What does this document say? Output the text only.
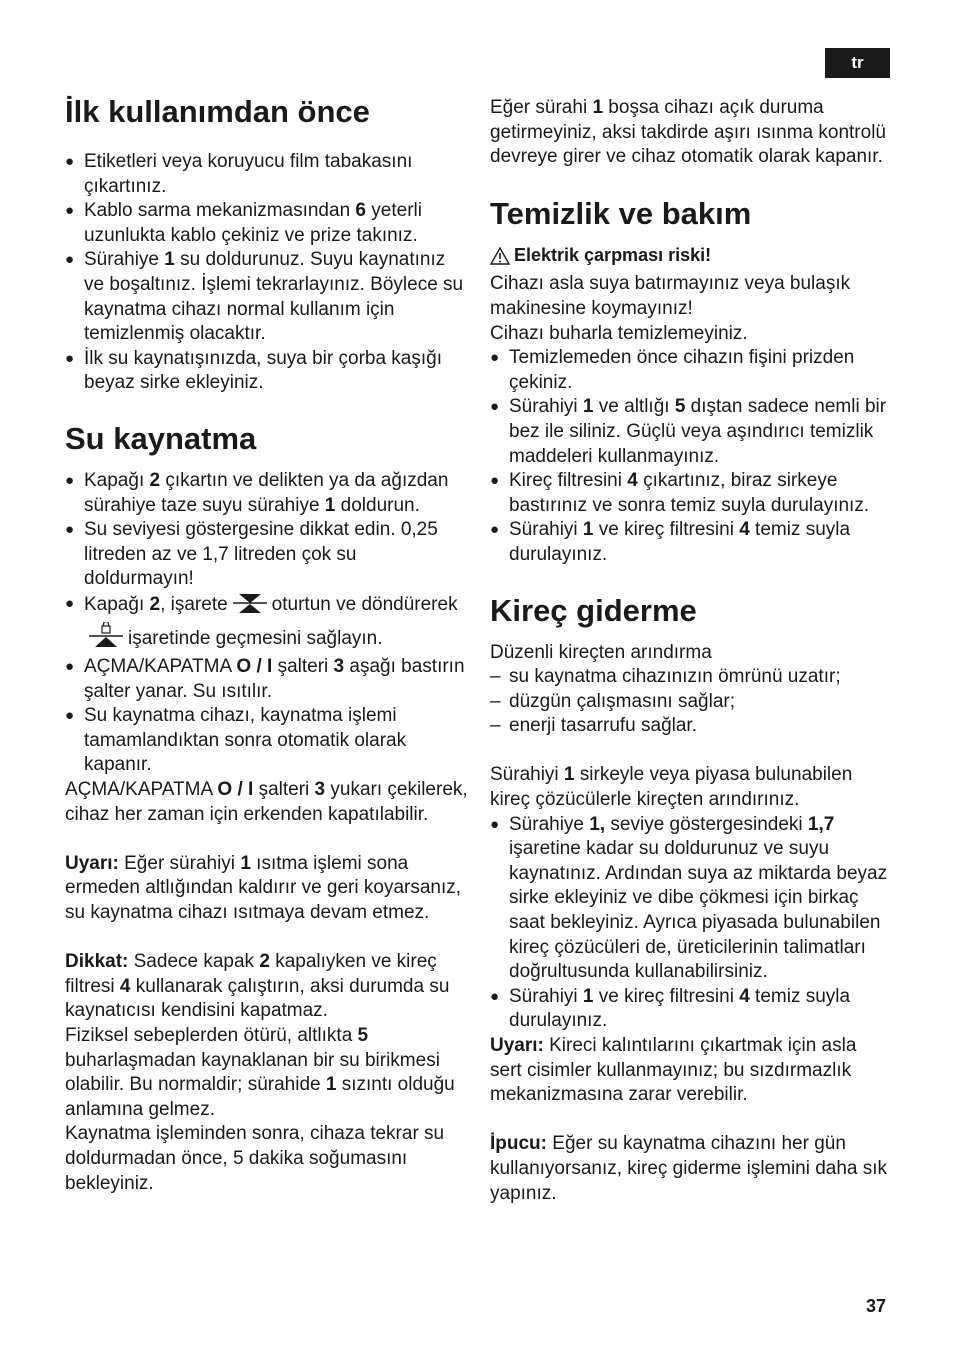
tr
İlk kullanımdan önce
● Etiketleri veya koruyucu film tabakasını çıkartınız.
● Kablo sarma mekanizmasından 6 yeterli uzunlukta kablo çekiniz ve prize takınız.
● Sürahiye 1 su doldurunuz. Suyu kaynatınız ve boşaltınız. İşlemi tekrarlayınız. Böylece su kaynatma cihazı normal kullanım için temizlenmiş olacaktır.
● İlk su kaynatışınızda, suya bir çorba kaşığı beyaz sirke ekleyiniz.
Su kaynatma
● Kapağı 2 çıkartın ve delikten ya da ağızdan sürahiye taze suyu sürahiye 1 doldurun.
● Su seviyesi göstergesine dikkat edin. 0,25 litreden az ve 1,7 litreden çok su doldurmayın!
● Kapağı 2, işarete oturtun ve döndürerekişaretinde geçmesini sağlayın.
● AÇMA/KAPATMA O / I şalteri 3 aşağı bastırın şalter yanar. Su ısıtılır.
● Su kaynatma cihazı, kaynatma işlemi tamamlandıktan sonra otomatik olarak kapanır.

AÇMA/KAPATMA O / I şalteri 3 yukarı çekilerek, cihaz her zaman için erkenden kapatılabilir.

Uyarı: Eğer sürahiyi 1 ısıtma işlemi sona ermeden altlığından kaldırır ve geri koyarsanız, su kaynatma cihazı ısıtmaya devam etmez.

Dikkat: Sadece kapak 2 kapalıyken ve kireç filtresi 4 kullanarak çalıştırın, aksi durumda su kaynatıcısı kendisini kapatmaz.

Fiziksel sebeplerden ötürü, altlıkta 5 buharlaşmadan kaynaklanan bir su birikmesi olabilir. Bu normaldir; sürahide 1 sızıntı olduğu anlamına gelmez.

Kaynatma işleminden sonra, cihaza tekrar su doldurmadan önce, 5 dakika soğumasını bekleyiniz.

Eğer sürahi 1 boşsa cihazı açık duruma getirmeyiniz, aksi takdirde aşırı ısınma kontrolü devreye girer ve cihaz otomatik olarak kapanır.

Temizlik ve bakım

Elektrik çarpması riski!

Cihazı asla suya batırmayınız veya bulaşık makinesine koymayınız!

Cihazı buharla temizlemeyiniz.

● Temizlemeden önce cihazın fişini prizden çekiniz.
● Sürahiyi 1 ve altlığı 5 dıştan sadece nemli bir bez ile siliniz. Güçlü veya aşındırıcı temizlik maddeleri kullanmayınız.
● Kireç filtresini 4 çıkartınız, biraz sirkeye bastırınız ve sonra temiz suyla durulayınız.
● Sürahiyi 1 ve kireç filtresini 4 temiz suyla durulayınız.
Kireç giderme

Düzenli kireçten arındırma

– su kaynatma cihazınızın ömrünü uzatır;
– düzgün çalışmasını sağlar;
– enerji tasarrufu sağlar.

Sürahiyi 1 sirkeyle veya piyasa bulunabilen kireç çözücülerle kireçten arındırınız.

● Sürahiye 1, seviye göstergesindeki 1,7 işaretine kadar su doldurunuz ve suyu kaynatınız. Ardından suya az miktarda beyaz sirke ekleyiniz ve dibe çökmesi için birkaç saat bekleyiniz. Ayrıca piyasada bulunabilen kireç çözücüleri de, üreticilerinin talimatları doğrultusunda kullanabilirsiniz.
● Sürahiyi 1 ve kireç filtresini 4 temiz suyla durulayınız.

Uyarı: Kireci kalıntılarını çıkartmak için asla sert cisimler kullanmayınız; bu sızdırmazlık mekanizmasına zarar verebilir.

İpucu: Eğer su kaynatma cihazını her gün kullanıyorsanız, kireç giderme işlemini daha sık yapınız.

37
